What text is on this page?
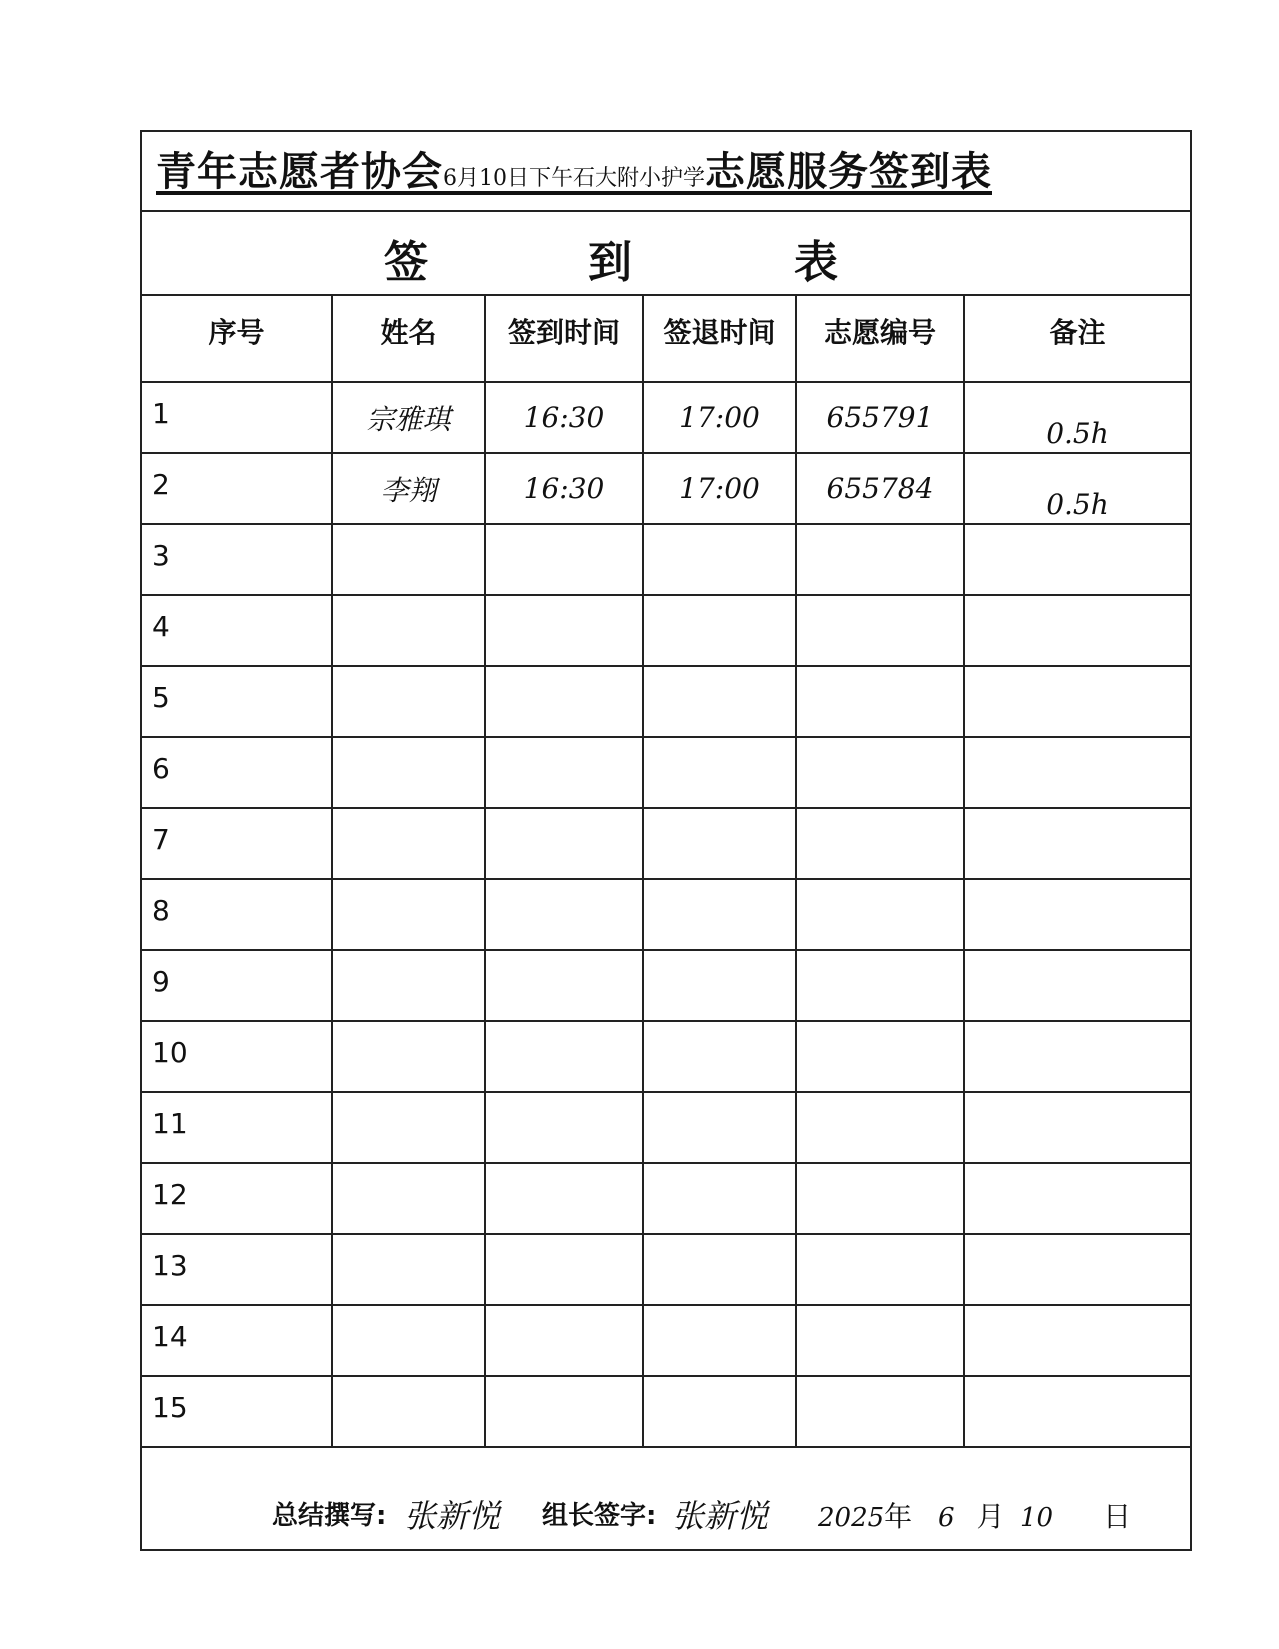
青年志愿者协会6月10日下午石大附小护学志愿服务签到表
签	到	表
序号	姓名	签到时间	签退时间	志愿编号	备注
1	宗雅琪	16:30	17:00	655791	0.5h
2	李翔	16:30	17:00	655784	0.5h
3					
4					
5					
6					
7					
8					
9					
10					
11					
12					
13					
14					
15					
总结撰写: 张新悦 组长签字: 张新悦 2025年 6 月 10 日
